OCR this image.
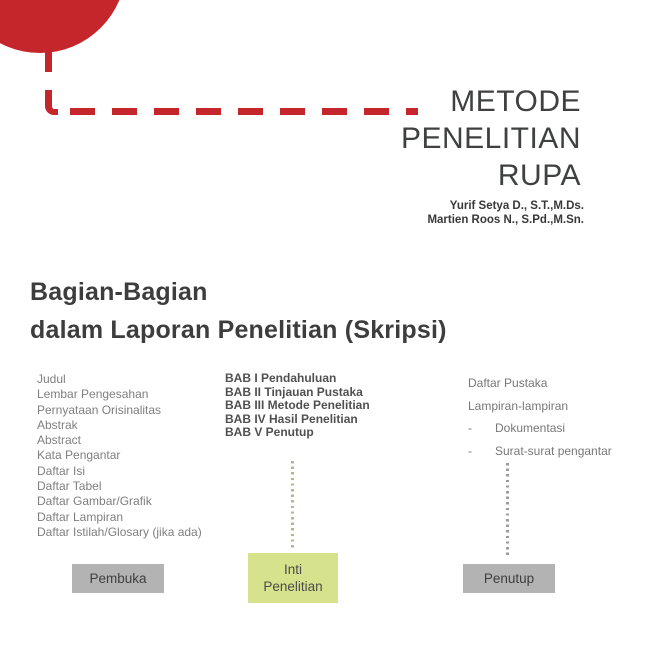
METODE
PENELITIAN
RUPA
Yurif Setya D., S.T.,M.Ds.
Martien Roos N., S.Pd.,M.Sn.
Bagian-Bagian
dalam Laporan Penelitian (Skripsi)
Judul
Lembar Pengesahan
Pernyataan Orisinalitas
Abstrak
Abstract
Kata Pengantar
Daftar Isi
Daftar Tabel
Daftar Gambar/Grafik
Daftar Lampiran
Daftar Istilah/Glosary (jika ada)
BAB I Pendahuluan
BAB II Tinjauan Pustaka
BAB III Metode Penelitian
BAB IV Hasil Penelitian
BAB V Penutup
Daftar Pustaka
Lampiran-lampiran
-	Dokumentasi
-	Surat-surat pengantar
Pembuka
Inti
Penelitian
Penutup
